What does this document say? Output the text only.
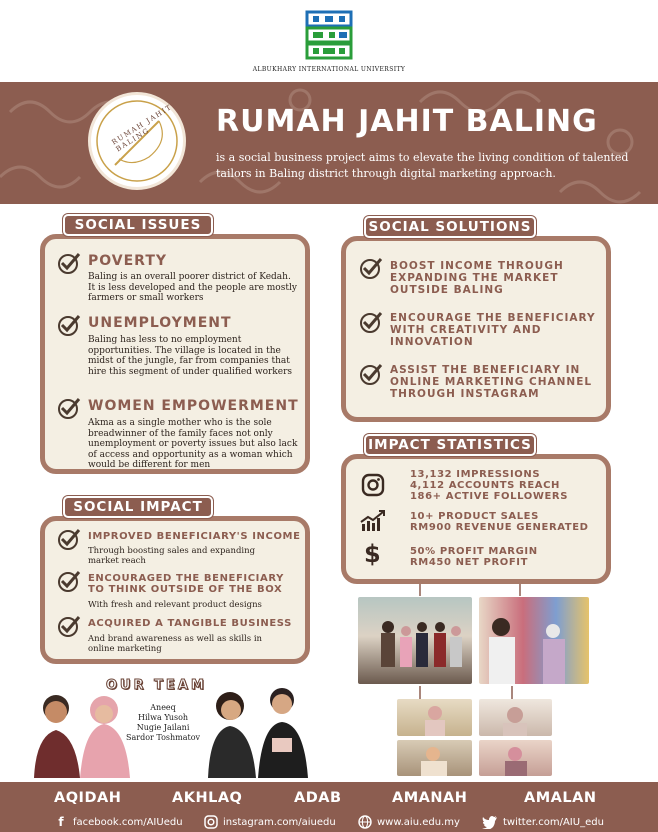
ALBUKHARY INTERNATIONAL UNIVERSITY
RUMAH JAHIT BALING
RUMAH JAHIT BALING
is a social business project aims to elevate the living condition of talented tailors in Baling district through digital marketing approach.
SOCIAL ISSUES
POVERTY
Baling is an overall poorer district of Kedah. It is less developed and the people are mostly farmers or small workers
UNEMPLOYMENT
Baling has less to no employment opportunities. The village is located in the midst of the jungle, far from companies that hire this segment of under qualified workers
WOMEN EMPOWERMENT
Akma as a single mother who is the sole breadwinner of the family faces not only unemployment or poverty issues but also lack of access and opportunity as a woman which would be different for men
SOCIAL SOLUTIONS
BOOST INCOME THROUGH
EXPANDING THE MARKET
OUTSIDE BALING
ENCOURAGE THE BENEFICIARY
WITH CREATIVITY AND
INNOVATION
ASSIST THE BENEFICIARY IN
ONLINE MARKETING CHANNEL
THROUGH INSTAGRAM
SOCIAL IMPACT
IMPROVED BENEFICIARY'S INCOME
Through boosting sales and expanding market reach
ENCOURAGED THE BENEFICIARY
TO THINK OUTSIDE OF THE BOX
With fresh and relevant product designs
ACQUIRED A TANGIBLE BUSINESS
And brand awareness as well as skills in online marketing
IMPACT STATISTICS
13,132 IMPRESSIONS
4,112 ACCOUNTS REACH
186+ ACTIVE FOLLOWERS
10+ PRODUCT SALES
RM900 REVENUE GENERATED
$	50% PROFIT MARGIN
RM450 NET PROFIT
OUR TEAM
Aneeq
Hilwa Yusoh
Nugie Jailani
Sardor Toshmatov
AQIDAH	AKHLAQ	ADAB	AMANAH	AMALAN
f facebook.com/AIUedu	instagram.com/aiuedu	www.aiu.edu.my	twitter.com/AIU_edu
